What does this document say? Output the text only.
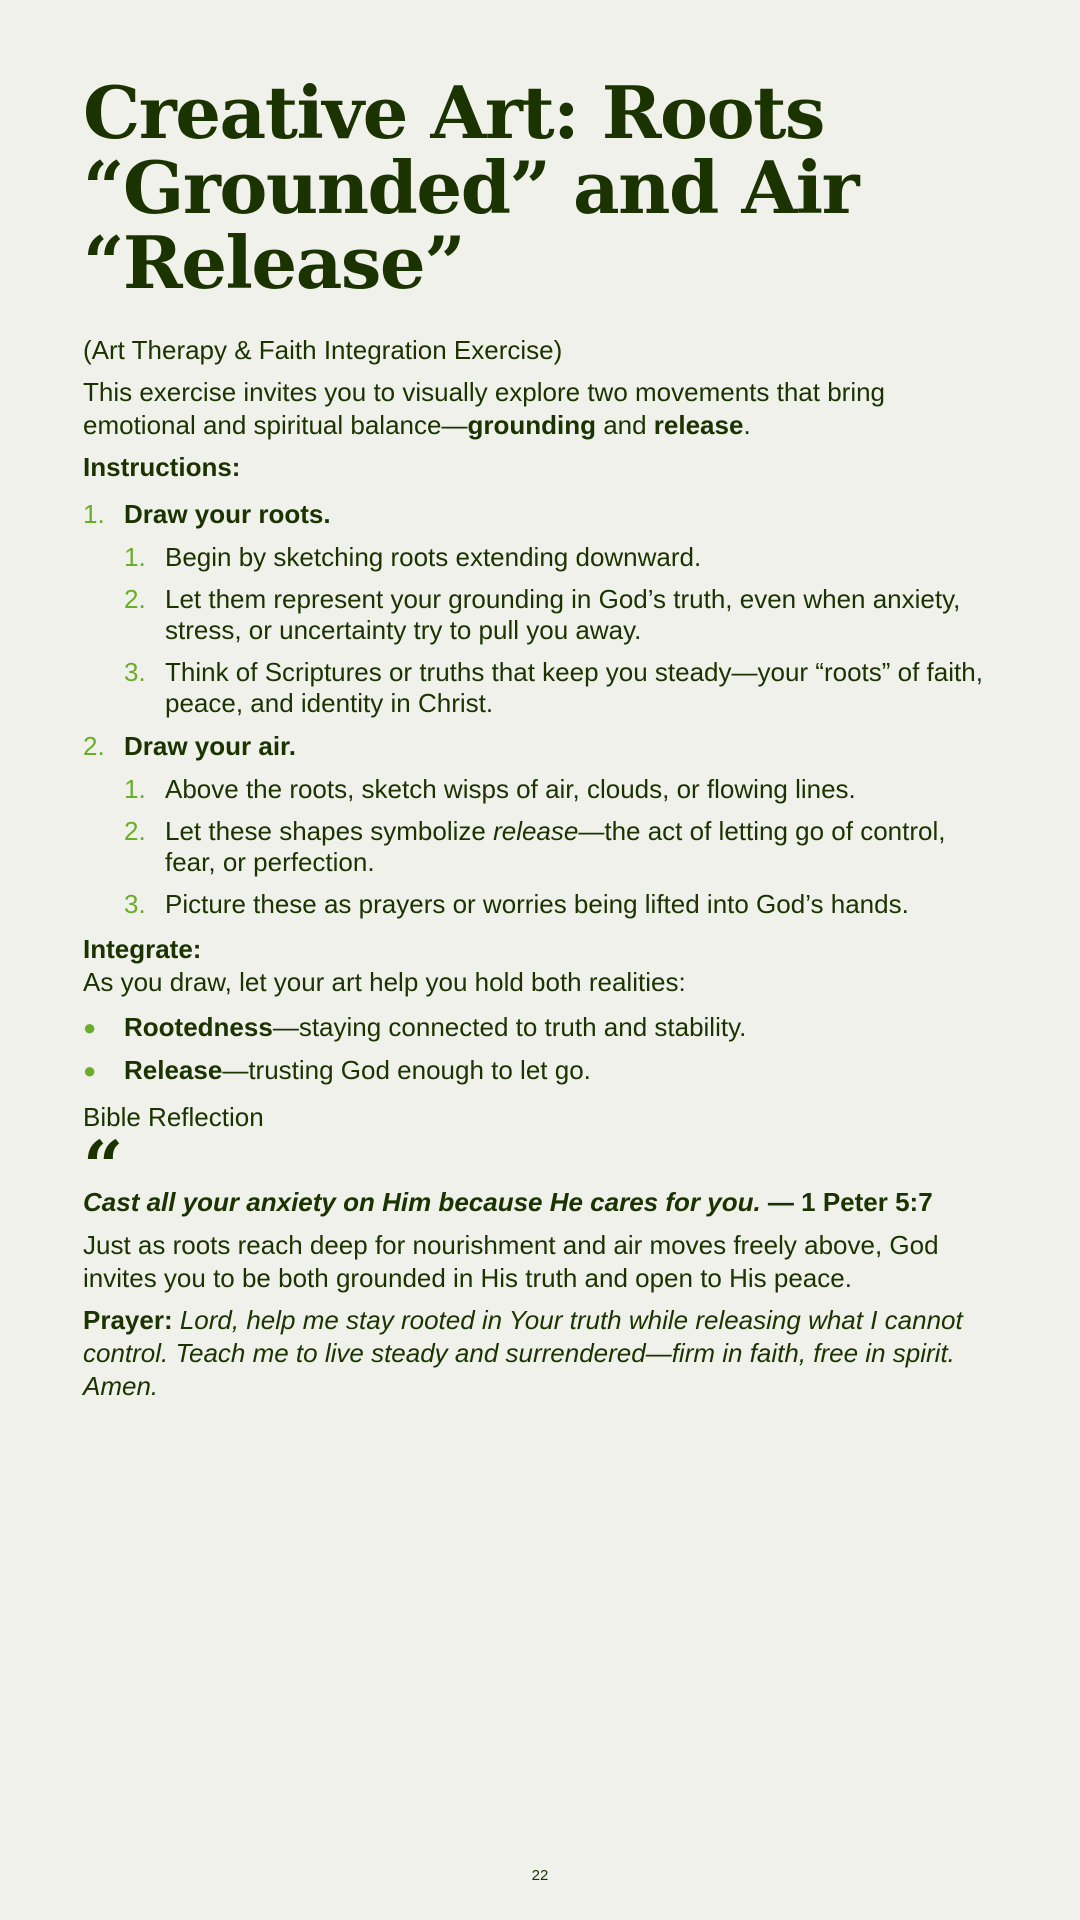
Creative Art: Roots
“Grounded” and Air
“Release”

(Art Therapy & Faith Integration Exercise)

This exercise invites you to visually explore two movements that bring emotional and spiritual balance—grounding and release.

Instructions:

1. Draw your roots.
1. Begin by sketching roots extending downward.
2. Let them represent your grounding in God’s truth, even when anxiety, stress, or uncertainty try to pull you away.
3. Think of Scriptures or truths that keep you steady—your “roots” of faith, peace, and identity in Christ.
2. Draw your air.
1. Above the roots, sketch wisps of air, clouds, or flowing lines.
2. Let these shapes symbolize release—the act of letting go of control, fear, or perfection.
3. Picture these as prayers or worries being lifted into God’s hands.

Integrate:

As you draw, let your art help you hold both realities:

● Rootedness—staying connected to truth and stability.
● Release—trusting God enough to let go.

Bible Reflection

“

Cast all your anxiety on Him because He cares for you. — 1 Peter 5:7

Just as roots reach deep for nourishment and air moves freely above, God invites you to be both grounded in His truth and open to His peace.

Prayer: Lord, help me stay rooted in Your truth while releasing what I cannot control. Teach me to live steady and surrendered—firm in faith, free in spirit. Amen.

22
